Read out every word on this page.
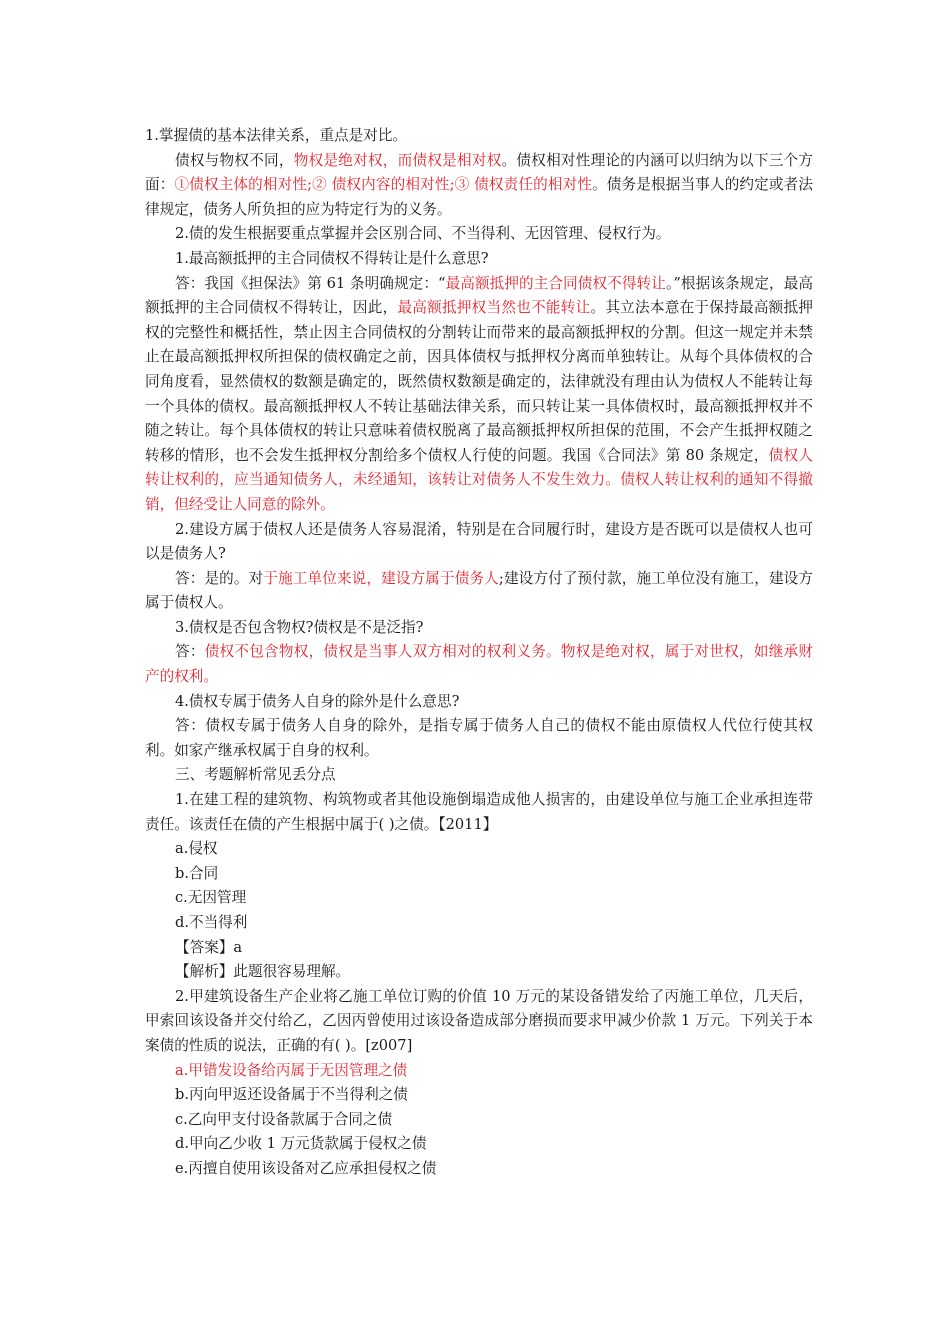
1.掌握债的基本法律关系，重点是对比。

债权与物权不同，物权是绝对权，而债权是相对权。债权相对性理论的内涵可以归纳为以下三个方面：①债权主体的相对性;② 债权内容的相对性;③ 债权责任的相对性。债务是根据当事人的约定或者法律规定，债务人所负担的应为特定行为的义务。

2.债的发生根据要重点掌握并会区别合同、不当得利、无因管理、侵权行为。

1.最高额抵押的主合同债权不得转让是什么意思?

答：我国《担保法》第 61 条明确规定：“最高额抵押的主合同债权不得转让。”根据该条规定，最高额抵押的主合同债权不得转让，因此，最高额抵押权当然也不能转让。其立法本意在于保持最高额抵押权的完整性和概括性，禁止因主合同债权的分割转让而带来的最高额抵押权的分割。但这一规定并未禁止在最高额抵押权所担保的债权确定之前，因具体债权与抵押权分离而单独转让。从每个具体债权的合同角度看，显然债权的数额是确定的，既然债权数额是确定的，法律就没有理由认为债权人不能转让每一个具体的债权。最高额抵押权人不转让基础法律关系，而只转让某一具体债权时，最高额抵押权并不随之转让。每个具体债权的转让只意味着债权脱离了最高额抵押权所担保的范围，不会产生抵押权随之转移的情形，也不会发生抵押权分割给多个债权人行使的问题。我国《合同法》第 80 条规定，债权人转让权利的，应当通知债务人，未经通知，该转让对债务人不发生效力。债权人转让权利的通知不得撤销，但经受让人同意的除外。

2.建设方属于债权人还是债务人容易混淆，特别是在合同履行时，建设方是否既可以是债权人也可以是债务人?

答：是的。对于施工单位来说，建设方属于债务人;建设方付了预付款，施工单位没有施工，建设方属于债权人。

3.债权是否包含物权?债权是不是泛指?

答：债权不包含物权，债权是当事人双方相对的权利义务。物权是绝对权，属于对世权，如继承财产的权利。

4.债权专属于债务人自身的除外是什么意思?

答：债权专属于债务人自身的除外，是指专属于债务人自己的债权不能由原债权人代位行使其权利。如家产继承权属于自身的权利。

三、考题解析常见丢分点

1.在建工程的建筑物、构筑物或者其他设施倒塌造成他人损害的，由建设单位与施工企业承担连带责任。该责任在债的产生根据中属于( )之债。【2011】

a.侵权

b.合同

c.无因管理

d.不当得利

【答案】a

【解析】此题很容易理解。

2.甲建筑设备生产企业将乙施工单位订购的价值 10 万元的某设备错发给了丙施工单位，几天后，甲索回该设备并交付给乙，乙因丙曾使用过该设备造成部分磨损而要求甲减少价款 1 万元。下列关于本案债的性质的说法，正确的有( )。[z007]

a.甲错发设备给丙属于无因管理之债

b.丙向甲返还设备属于不当得利之债

c.乙向甲支付设备款属于合同之债

d.甲向乙少收 1 万元货款属于侵权之债

e.丙擅自使用该设备对乙应承担侵权之债
